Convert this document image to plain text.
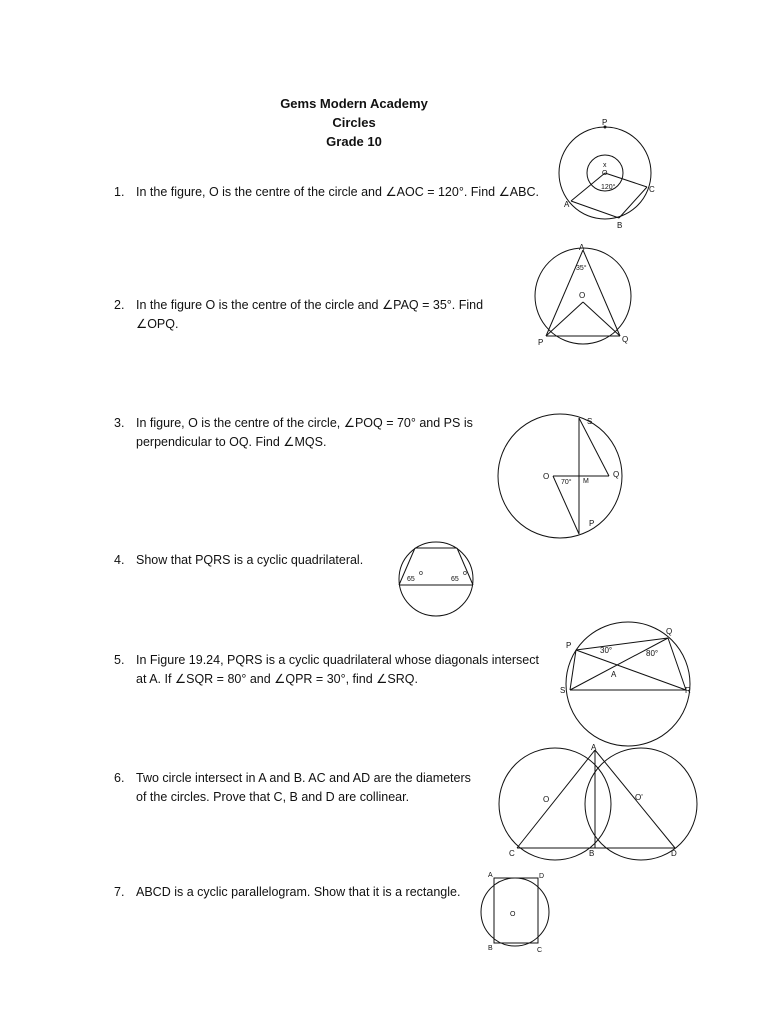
Gems Modern Academy
Circles
Grade 10
1. In the figure, O is the centre of the circle and ∠AOC = 120°. Find ∠ABC.
2. In the figure O is the centre of the circle and ∠PAQ = 35°. Find
∠OPQ.
3. In figure, O is the centre of the circle, ∠POQ = 70° and PS is
perpendicular to OQ. Find ∠MQS.
4. Show that PQRS is a cyclic quadrilateral.
5. In Figure 19.24, PQRS is a cyclic quadrilateral whose diagonals intersect
at A. If ∠SQR = 80° and ∠QPR = 30°, find ∠SRQ.
6. Two circle intersect in A and B. AC and AD are the diameters
of the circles. Prove that C, B and D are collinear.
7. ABCD is a cyclic parallelogram. Show that it is a rectangle.
P
x
O
120°
A
B
C
A
35°
O
P	Q
S
O	Q
M
70°
P
65
o
65
o
P
Q
S	R
A
30°	80°
A
O	O'
C	B	D
A	D
O
B	C
